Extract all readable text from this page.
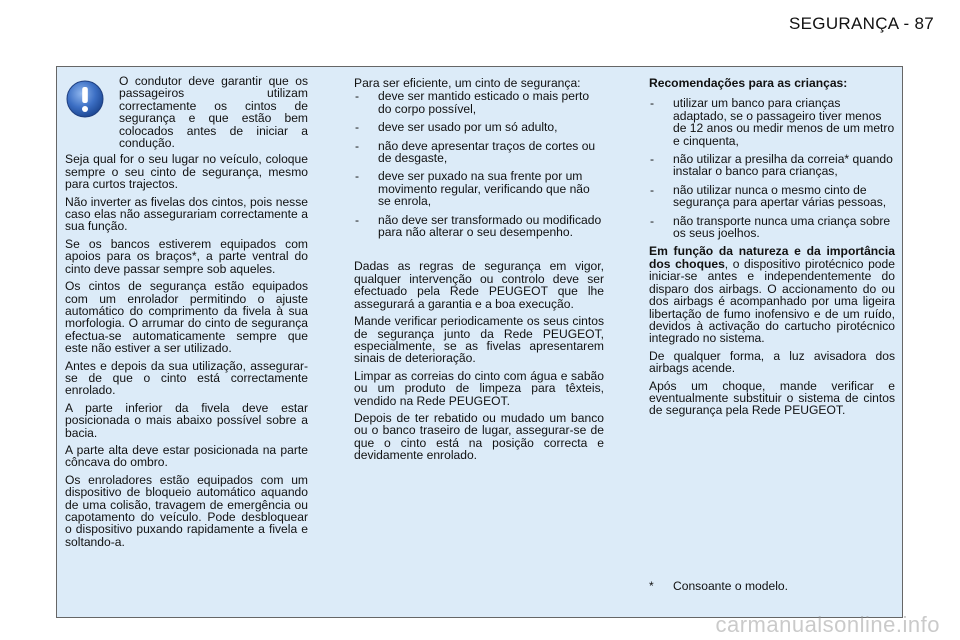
SEGURANÇA - 87
O condutor deve garantir que os passageiros utilizam correctamente os cintos de segurança e que estão bem colocados antes de iniciar a condução.

Seja qual for o seu lugar no veículo, coloque sempre o seu cinto de segurança, mesmo para curtos trajectos.

Não inverter as fivelas dos cintos, pois nesse caso elas não assegurariam correctamente a sua função.

Se os bancos estiverem equipados com apoios para os braços*, a parte ventral do cinto deve passar sempre sob aqueles.

Os cintos de segurança estão equipados com um enrolador permitindo o ajuste automático do comprimento da fivela à sua morfologia. O arrumar do cinto de segurança efectua-se automaticamente sempre que este não estiver a ser utilizado.

Antes e depois da sua utilização, assegurar-se de que o cinto está correctamente enrolado.

A parte inferior da fivela deve estar posicionada o mais abaixo possível sobre a bacia.

A parte alta deve estar posicionada na parte côncava do ombro.

Os enroladores estão equipados com um dispositivo de bloqueio automático aquando de uma colisão, travagem de emergência ou capotamento do veículo. Pode desbloquear o dispositivo puxando rapidamente a fivela e soltando-a.

Para ser eficiente, um cinto de segurança:

- deve ser mantido esticado o mais perto do corpo possível,
- deve ser usado por um só adulto,
- não deve apresentar traços de cortes ou de desgaste,
- deve ser puxado na sua frente por um movimento regular, verificando que não se enrola,
- não deve ser transformado ou modificado para não alterar o seu desempenho.

Dadas as regras de segurança em vigor, qualquer intervenção ou controlo deve ser efectuado pela Rede PEUGEOT que lhe assegurará a garantia e a boa execução.

Mande verificar periodicamente os seus cintos de segurança junto da Rede PEUGEOT, especialmente, se as fivelas apresentarem sinais de deterioração.

Limpar as correias do cinto com água e sabão ou um produto de limpeza para têxteis, vendido na Rede PEUGEOT.

Depois de ter rebatido ou mudado um banco ou o banco traseiro de lugar, assegurar-se de que o cinto está na posição correcta e devidamente enrolado.

Recomendações para as crianças:
- utilizar um banco para crianças adaptado, se o passageiro tiver menos de 12 anos ou medir menos de um metro e cinquenta,
- não utilizar a presilha da correia* quando instalar o banco para crianças,
- não utilizar nunca o mesmo cinto de segurança para apertar várias pessoas,
- não transporte nunca uma criança sobre os seus joelhos.

Em função da natureza e da importância dos choques, o dispositivo pirotécnico pode iniciar-se antes e independentemente do disparo dos airbags. O accionamento do ou dos airbags é acompanhado por uma ligeira libertação de fumo inofensivo e de um ruído, devidos à activação do cartucho pirotécnico integrado no sistema.

De qualquer forma, a luz avisadora dos airbags acende.

Após um choque, mande verificar e eventualmente substituir o sistema de cintos de segurança pela Rede PEUGEOT.

*	Consoante o modelo.
carmanualsonline.info
